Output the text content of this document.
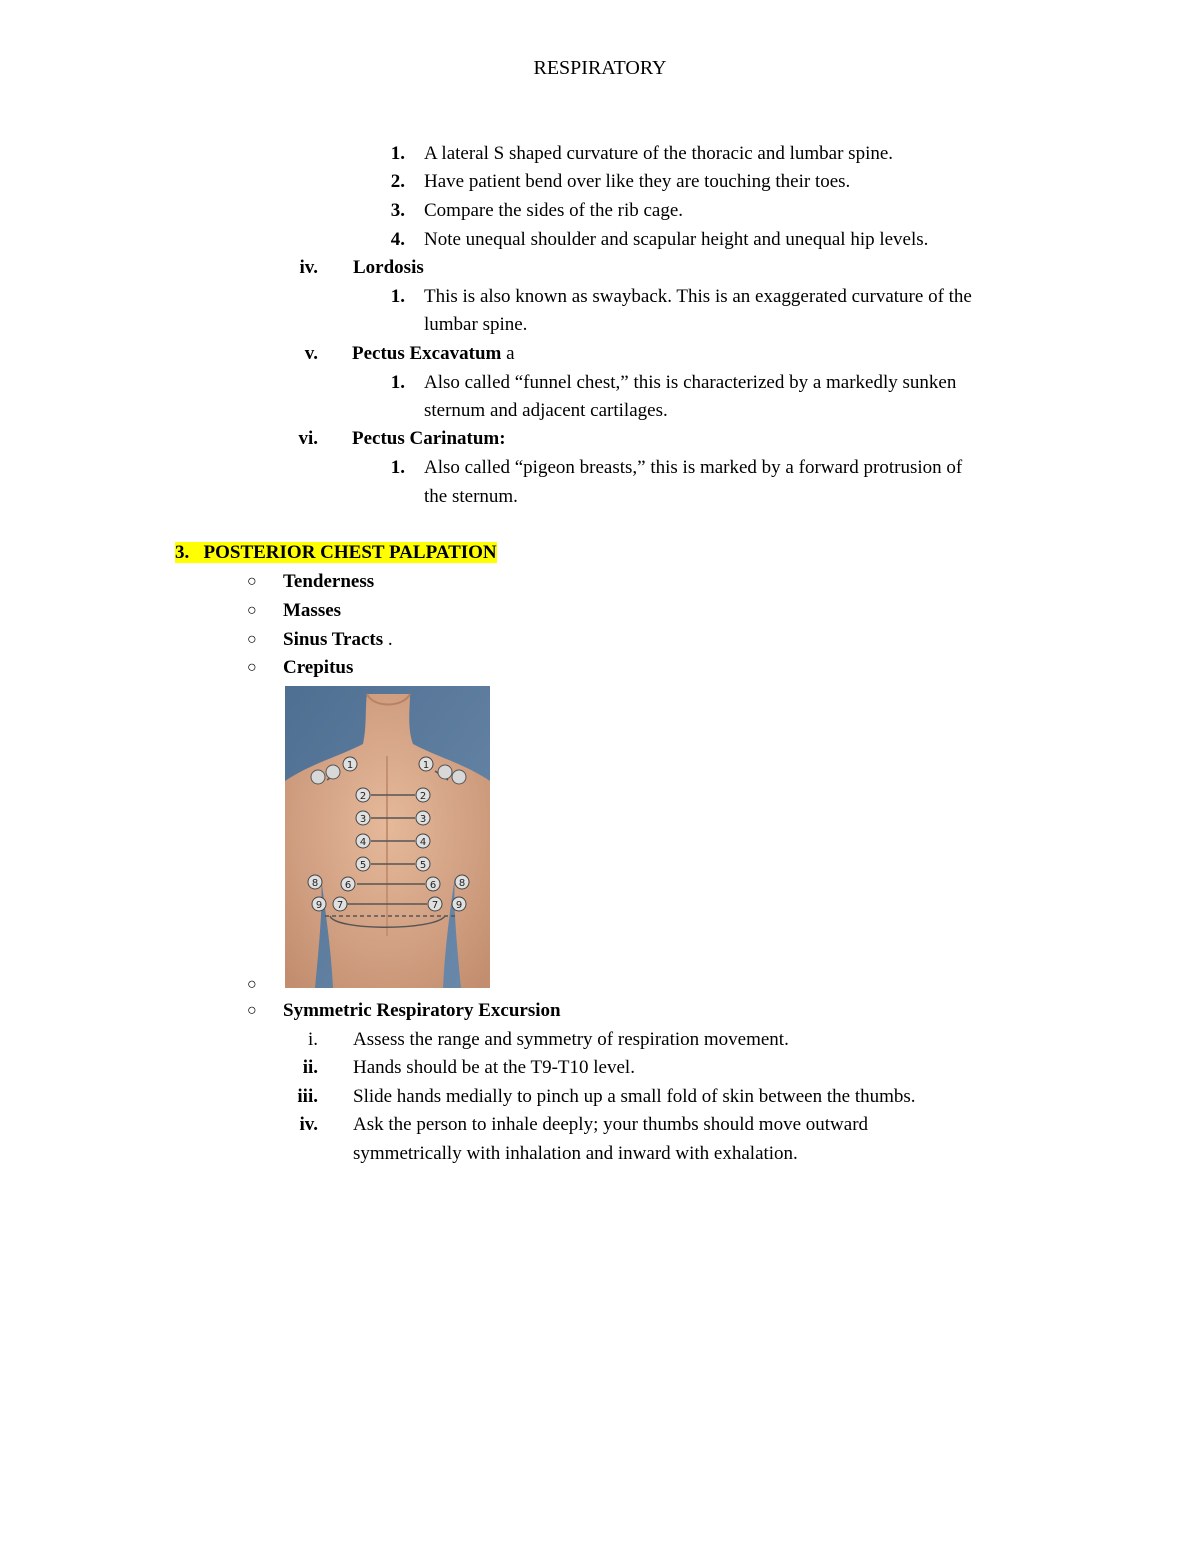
RESPIRATORY
1. A lateral S shaped curvature of the thoracic and lumbar spine.
2. Have patient bend over like they are touching their toes.
3. Compare the sides of the rib cage.
4. Note unequal shoulder and scapular height and unequal hip levels.
iv. Lordosis
1. This is also known as swayback. This is an exaggerated curvature of the
lumbar spine.
v. Pectus Excavatum a
1. Also called “funnel chest,” this is characterized by a markedly sunken
sternum and adjacent cartilages.
vi. Pectus Carinatum:
1. Also called “pigeon breasts,” this is marked by a forward protrusion of
the sternum.
3. POSTERIOR CHEST PALPATION
○ Tenderness
○ Masses
○ Sinus Tracts .
○ Crepitus
1
2
3
4
5
6
7
8
9
1
2
3
4
5
6
7
8
9
○
○ Symmetric Respiratory Excursion
i. Assess the range and symmetry of respiration movement.
ii. Hands should be at the T9-T10 level.
iii. Slide hands medially to pinch up a small fold of skin between the thumbs.
iv. Ask the person to inhale deeply; your thumbs should move outward
symmetrically with inhalation and inward with exhalation.
